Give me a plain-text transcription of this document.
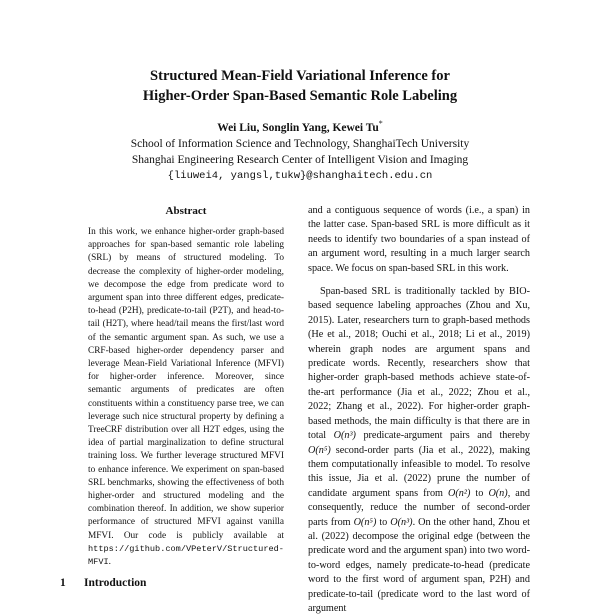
Structured Mean-Field Variational Inference for
Higher-Order Span-Based Semantic Role Labeling
Wei Liu, Songlin Yang, Kewei Tu*
School of Information Science and Technology, ShanghaiTech University
Shanghai Engineering Research Center of Intelligent Vision and Imaging
{liuwei4, yangsl,tukw}@shanghaitech.edu.cn
Abstract
In this work, we enhance higher-order graph-based approaches for span-based semantic role labeling (SRL) by means of structured modeling. To decrease the complexity of higher-order modeling, we decompose the edge from predicate word to argument span into three different edges, predicate-to-head (P2H), predicate-to-tail (P2T), and head-to-tail (H2T), where head/tail means the first/last word of the semantic argument span. As such, we use a CRF-based higher-order dependency parser and leverage Mean-Field Variational Inference (MFVI) for higher-order inference. Moreover, since semantic arguments of predicates are often constituents within a constituency parse tree, we can leverage such nice structural property by defining a TreeCRF distribution over all H2T edges, using the idea of partial marginalization to define structural training loss. We further leverage structured MFVI to enhance inference. We experiment on span-based SRL benchmarks, showing the effectiveness of both higher-order and structured modeling and the combination thereof. In addition, we show superior performance of structured MFVI against vanilla MFVI. Our code is publicly available at https://github.com/VPeterV/Structured-MFVI.
1 Introduction

and a contiguous sequence of words (i.e., a span) in the latter case. Span-based SRL is more difficult as it needs to identify two boundaries of a span instead of an argument word, resulting in a much larger search space. We focus on span-based SRL in this work.

Span-based SRL is traditionally tackled by BIO-based sequence labeling approaches (Zhou and Xu, 2015). Later, researchers turn to graph-based methods (He et al., 2018; Ouchi et al., 2018; Li et al., 2019) wherein graph nodes are argument spans and predicate words. Recently, researchers show that higher-order graph-based methods achieve state-of-the-art performance (Jia et al., 2022; Zhou et al., 2022; Zhang et al., 2022). For higher-order graph-based methods, the main difficulty is that there are in total O(n³) predicate-argument pairs and thereby O(n⁵) second-order parts (Jia et al., 2022), making them computationally infeasible to model. To resolve this issue, Jia et al. (2022) prune the number of candidate argument spans from O(n²) to O(n), and consequently, reduce the number of second-order parts from O(n⁵) to O(n³). On the other hand, Zhou et al. (2022) decompose the original edge (between the predicate word and the argument span) into two word-to-word edges, namely predicate-to-head (predicate word to the first word of argument span, P2H) and predicate-to-tail (predicate word to the last word of argument
